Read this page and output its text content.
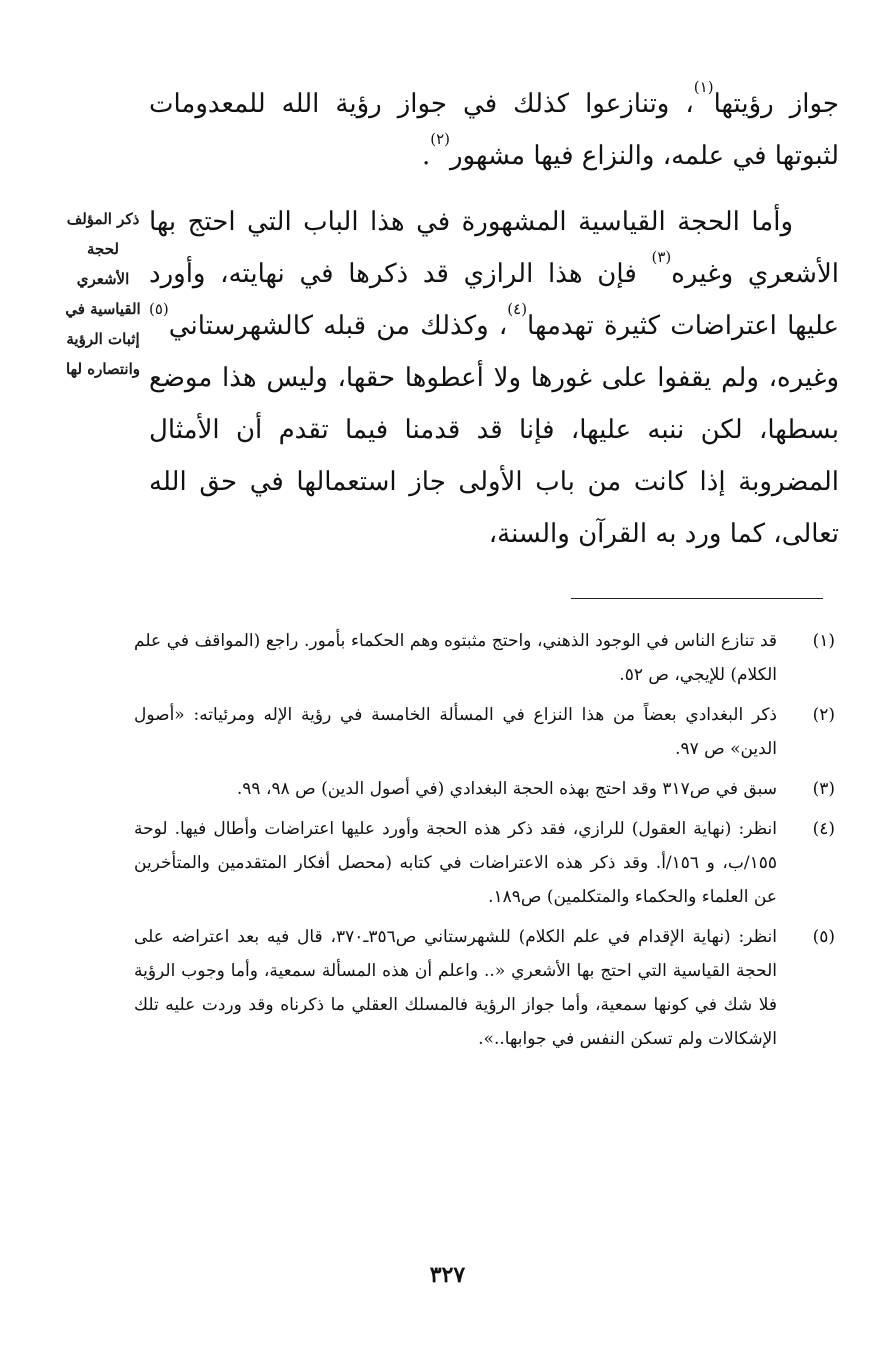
جواز رؤيتها$^{(١)}$، وتنازعوا كذلك في جواز رؤية الله للمعدومات لثبوتها في علمه، والنزاع فيها مشهور$^{(٢)}$.

وأما الحجة القياسية المشهورة في هذا الباب التي احتج بها الأشعري وغيره$^{(٣)}$ فإن هذا الرازي قد ذكرها في نهايته، وأورد عليها اعتراضات كثيرة تهدمها$^{(٤)}$، وكذلك من قبله كالشهرستاني$^{(٥)}$ وغيره، ولم يقفوا على غورها ولا أعطوها حقها، وليس هذا موضع بسطها، لكن ننبه عليها، فإنا قد قدمنا فيما تقدم أن الأمثال المضروبة إذا كانت من باب الأولى جاز استعمالها في حق الله تعالى، كما ورد به القرآن والسنة،

ذكر المؤلف
لحجة
الأشعري
القياسية في
إثبات الرؤية
وانتصاره لها
(١)
قد تنازع الناس في الوجود الذهني، واحتج مثبتوه وهم الحكماء بأمور. راجع (المواقف في علم الكلام) للإيجي، ص ٥٢.
(٢)
ذكر البغدادي بعضاً من هذا النزاع في المسألة الخامسة في رؤية الإله ومرئياته: «أصول الدين» ص ٩٧.
(٣)
سبق في ص٣١٧ وقد احتج بهذه الحجة البغدادي (في أصول الدين) ص ٩٨، ٩٩.
(٤)
انظر: (نهاية العقول) للرازي، فقد ذكر هذه الحجة وأورد عليها اعتراضات وأطال فيها. لوحة ١٥٥/ب، و ١٥٦/أ. وقد ذكر هذه الاعتراضات في كتابه (محصل أفكار المتقدمين والمتأخرين عن العلماء والحكماء والمتكلمين) ص١٨٩.
(٥)
انظر: (نهاية الإقدام في علم الكلام) للشهرستاني ص٣٥٦ـ٣٧٠، قال فيه بعد اعتراضه على الحجة القياسية التي احتج بها الأشعري «.. واعلم أن هذه المسألة سمعية، وأما وجوب الرؤية فلا شك في كونها سمعية، وأما جواز الرؤية فالمسلك العقلي ما ذكرناه وقد وردت عليه تلك الإشكالات ولم تسكن النفس في جوابها..».
٣٢٧
